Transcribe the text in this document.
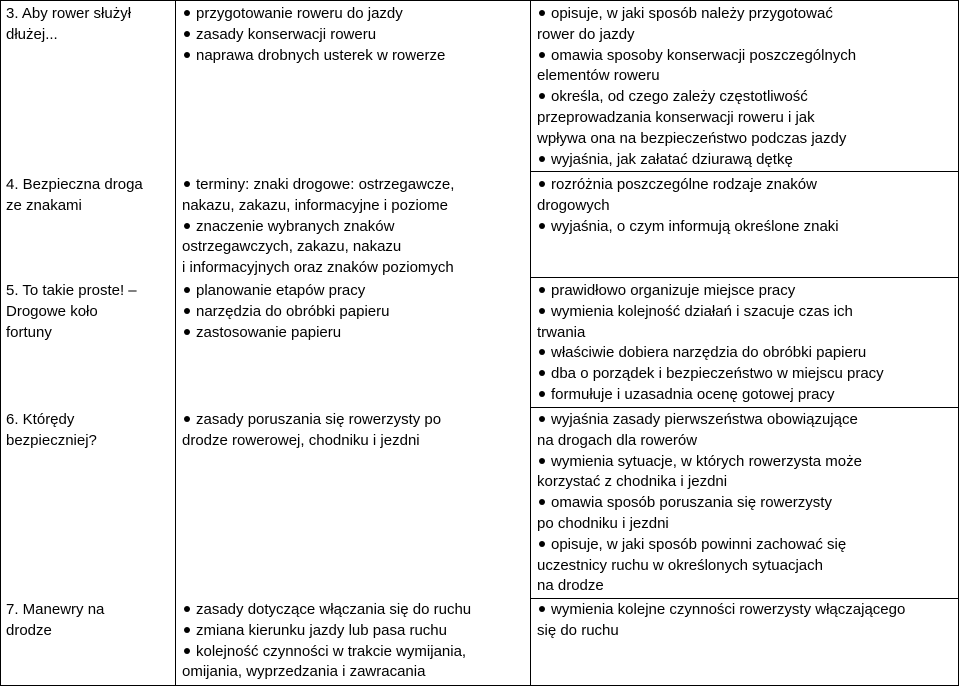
3. Aby rower służył
dłużej...
przygotowanie roweru do jazdy
zasady konserwacji roweru
naprawa drobnych usterek w rowerze
opisuje, w jaki sposób należy przygotować
rower do jazdy
omawia sposoby konserwacji poszczególnych
elementów roweru
określa, od czego zależy częstotliwość
przeprowadzania konserwacji roweru i jak
wpływa ona na bezpieczeństwo podczas jazdy
wyjaśnia, jak załatać dziurawą dętkę
4. Bezpieczna droga
ze znakami
terminy: znaki drogowe: ostrzegawcze,
nakazu, zakazu, informacyjne i poziome
znaczenie wybranych znaków
ostrzegawczych, zakazu, nakazu
i informacyjnych oraz znaków poziomych
rozróżnia poszczególne rodzaje znaków
drogowych
wyjaśnia, o czym informują określone znaki
5. To takie proste! –
Drogowe koło
fortuny
planowanie etapów pracy
narzędzia do obróbki papieru
zastosowanie papieru
prawidłowo organizuje miejsce pracy
wymienia kolejność działań i szacuje czas ich
trwania
właściwie dobiera narzędzia do obróbki papieru
dba o porządek i bezpieczeństwo w miejscu pracy
formułuje i uzasadnia ocenę gotowej pracy
6. Którędy
bezpieczniej?
zasady poruszania się rowerzysty po
drodze rowerowej, chodniku i jezdni
wyjaśnia zasady pierwszeństwa obowiązujące
na drogach dla rowerów
wymienia sytuacje, w których rowerzysta może
korzystać z chodnika i jezdni
omawia sposób poruszania się rowerzysty
po chodniku i jezdni
opisuje, w jaki sposób powinni zachować się
uczestnicy ruchu w określonych sytuacjach
na drodze
7. Manewry na
drodze
zasady dotyczące włączania się do ruchu
zmiana kierunku jazdy lub pasa ruchu
kolejność czynności w trakcie wymijania,
omijania, wyprzedzania i zawracania
wymienia kolejne czynności rowerzysty włączającego
się do ruchu
